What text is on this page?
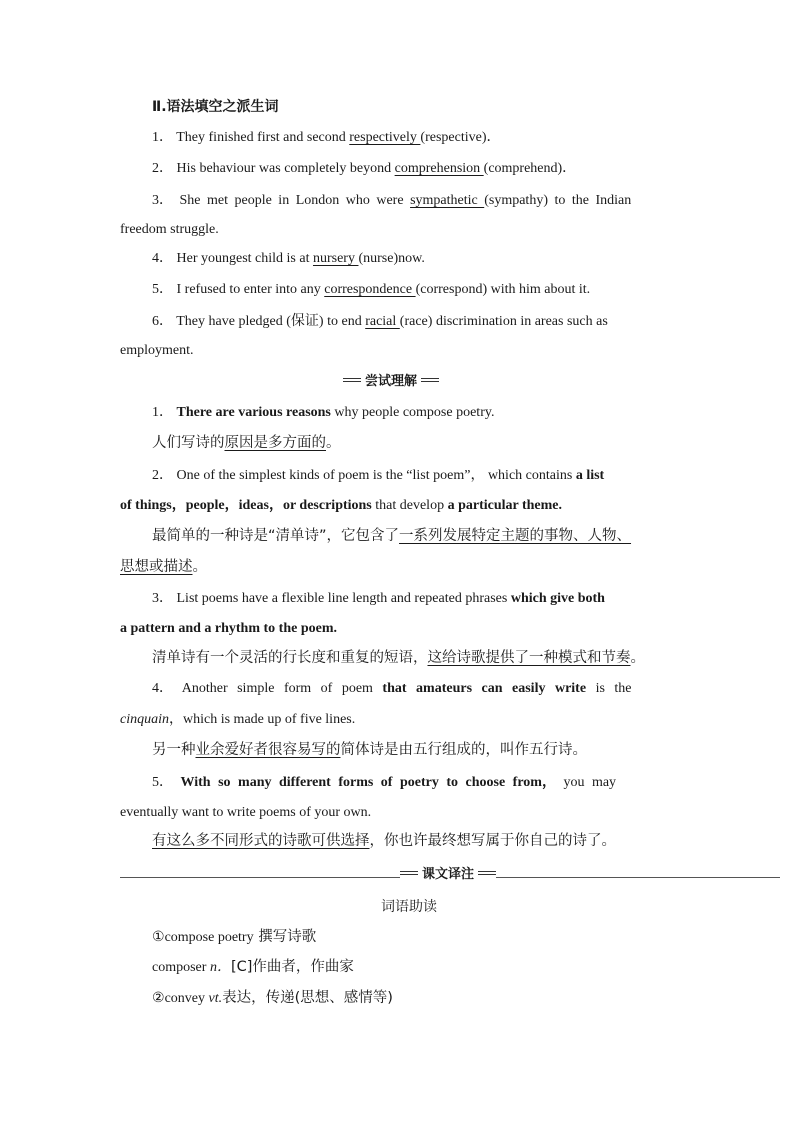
Ⅱ.语法填空之派生词
1． They finished first and second respectively (respective)．
2． His behaviour was completely beyond comprehension (comprehend)．
3． She met people in London who were sympathetic (sympathy) to the Indian
freedom struggle.
4． Her youngest child is at nursery (nurse)now.
5． I refused to enter into any correspondence (correspond) with him about it.
6． They have pledged (保证) to end racial (race) discrimination in areas such as
employment.
尝试理解
1． There are various reasons why people compose poetry.
人们写诗的原因是多方面的。
2． One of the simplest kinds of poem is the “list poem”， which contains a list
of things，people，ideas，or descriptions that develop a particular theme.
最简单的一种诗是“清单诗”，它包含了一系列发展特定主题的事物、人物、
思想或描述。
3． List poems have a flexible line length and repeated phrases which give both
a pattern and a rhythm to the poem.
清单诗有一个灵活的行长度和重复的短语，这给诗歌提供了一种模式和节奏。
4． Another simple form of poem that amateurs can easily write is the
cinquain，which is made up of five lines.
另一种业余爱好者很容易写的简体诗是由五行组成的，叫作五行诗。
5． With so many different forms of poetry to choose from， you may
eventually want to write poems of your own.
有这么多不同形式的诗歌可供选择，你也许最终想写属于你自己的诗了。
课文译注
词语助读
①compose poetry 撰写诗歌
composer n．[C]作曲者，作曲家
②convey vt.表达，传递(思想、感情等)
